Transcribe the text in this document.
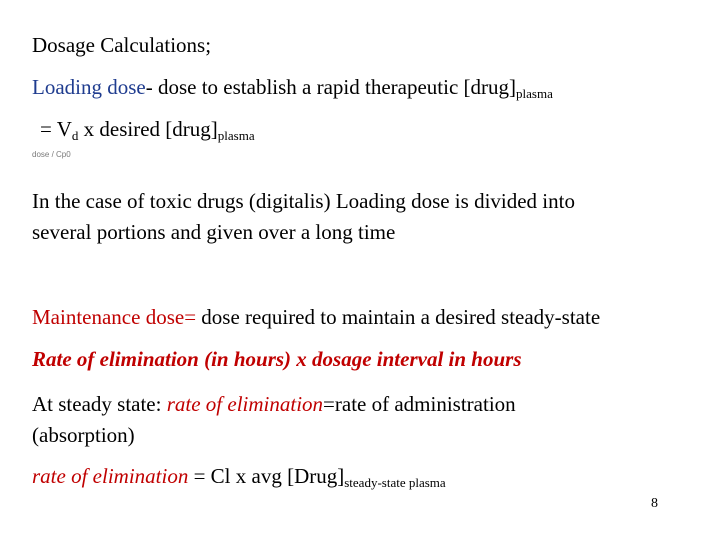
Dosage Calculations;
Loading dose- dose to establish a rapid therapeutic $[drug]_{plasma}$
= $V_d$ x desired $[drug]_{plasma}$
dose / Cp0
In the case of toxic drugs (digitalis) Loading dose is divided into
several portions and given over a long time
Maintenance dose= dose required to maintain a desired steady-state
Rate of elimination (in hours) x dosage interval in hours
At steady state: rate of elimination=rate of administration
(absorption)
rate of elimination = Cl x avg $[Drug]_{steady-state plasma}$
8
